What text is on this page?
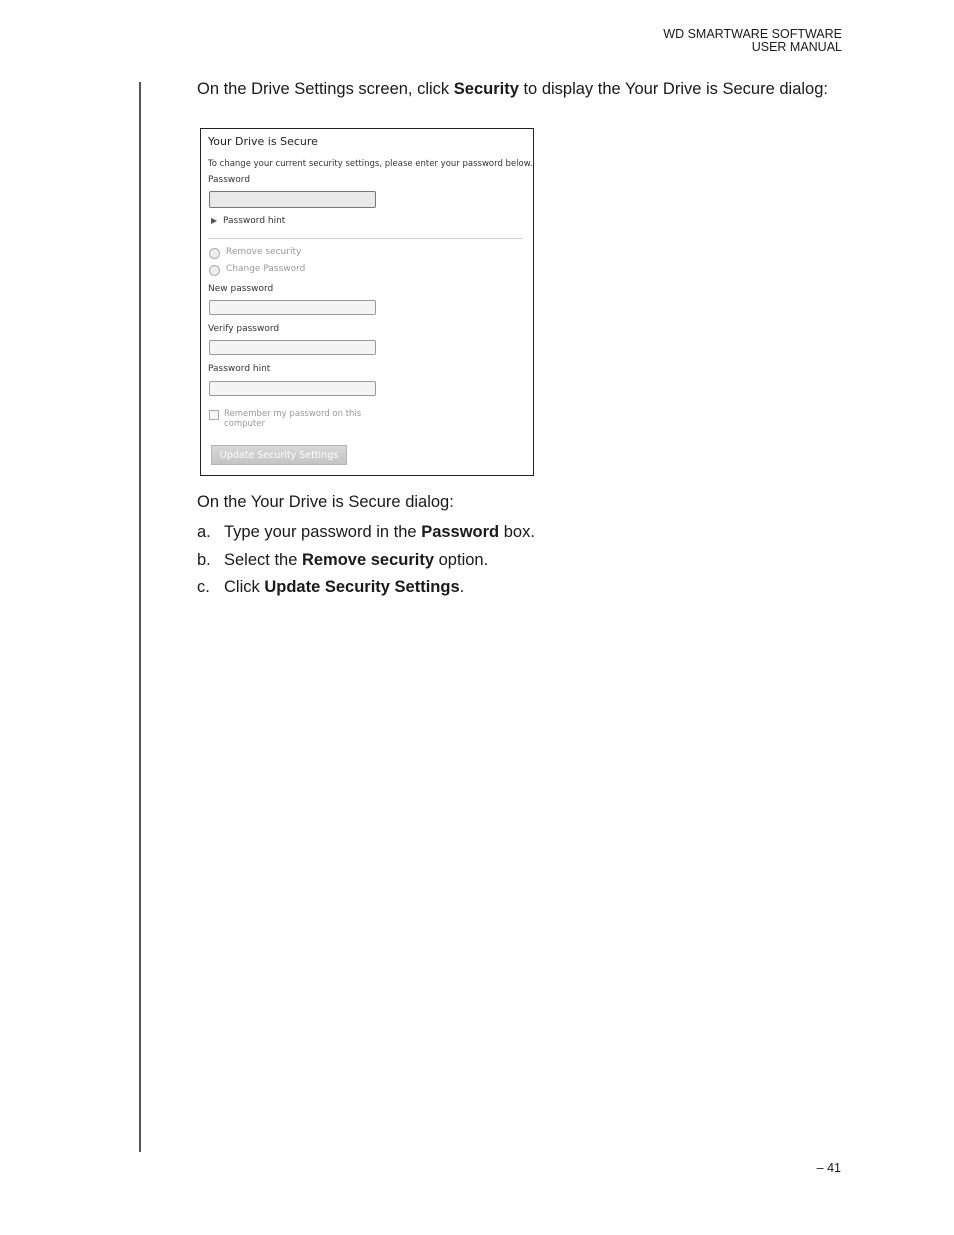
WD SMARTWARE SOFTWARE
USER MANUAL
On the Drive Settings screen, click Security to display the Your Drive is Secure dialog:
Your Drive is Secure
To change your current security settings, please enter your password below.
Password
▶ Password hint
Remove security
Change Password
New password
Verify password
Password hint
Remember my password on this computer
Update Security Settings
On the Your Drive is Secure dialog:
a. Type your password in the Password box.
b. Select the Remove security option.
c. Click Update Security Settings.
– 41
